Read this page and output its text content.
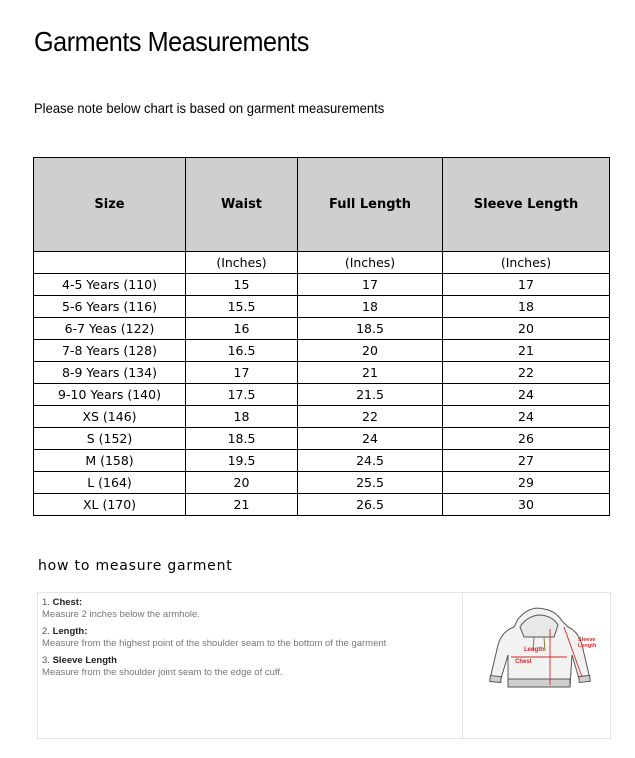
Garments Measurements
Please note below chart is based on garment measurements
Size	Waist	Full Length	Sleeve Length
	(Inches)	(Inches)	(Inches)
4-5 Years (110)	15	17	17
5-6 Years (116)	15.5	18	18
6-7 Yeas (122)	16	18.5	20
7-8 Years (128)	16.5	20	21
8-9 Years (134)	17	21	22
9-10 Years (140)	17.5	21.5	24
XS (146)	18	22	24
S (152)	18.5	24	26
M (158)	19.5	24.5	27
L (164)	20	25.5	29
XL (170)	21	26.5	30
how to measure garment
1. Chest:
Measure 2 inches below the armhole.
2. Length:
Measure from the highest point of the shoulder seam to the bottom of the garment
3. Sleeve Length
Measure from the shoulder joint seam to the edge of cuff.
Length
Chest
Sleeve Length
